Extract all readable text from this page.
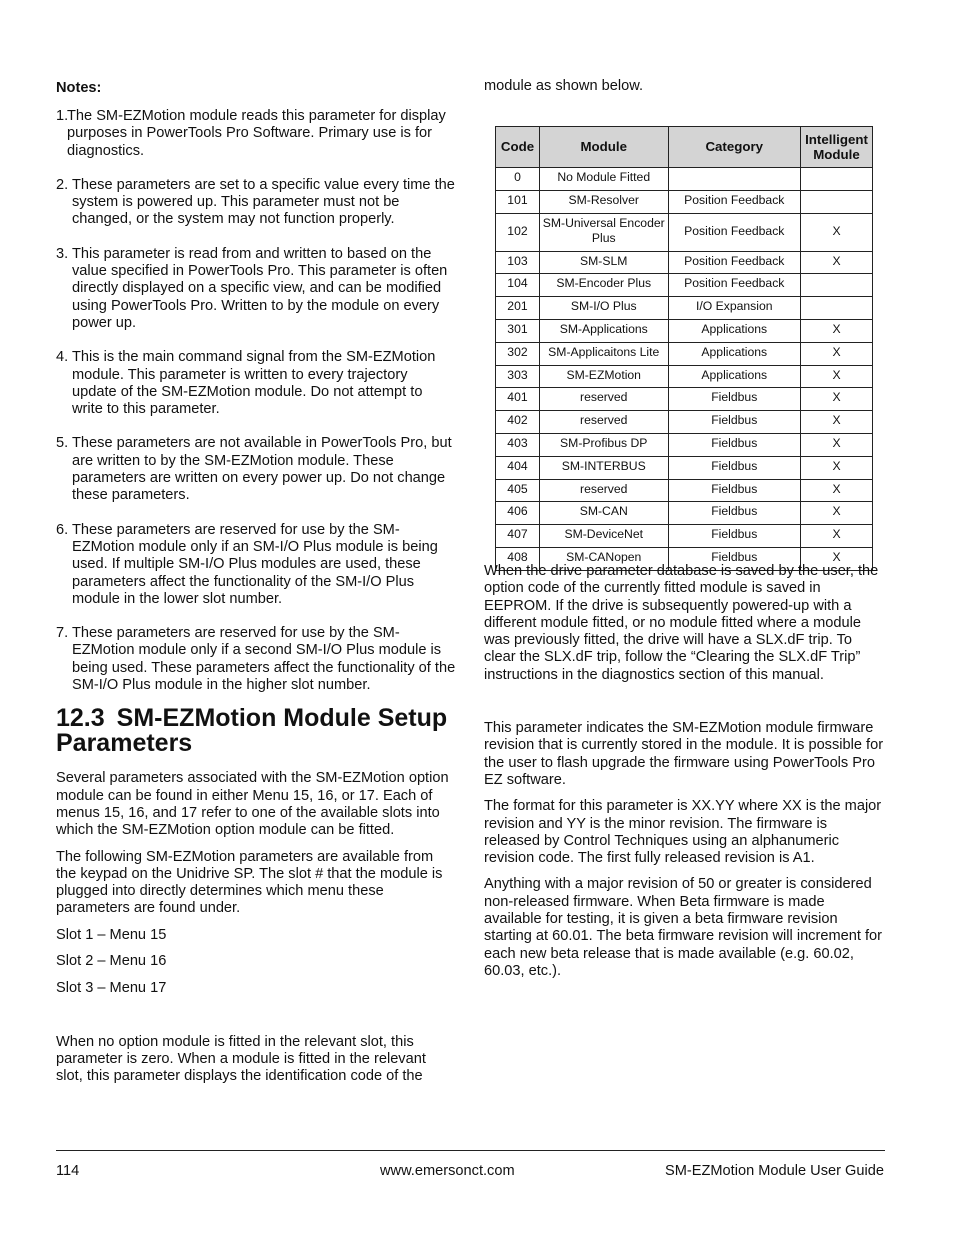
Notes:

1.
The SM-EZMotion module reads this parameter for display purposes in PowerTools Pro Software. Primary use is for diagnostics.
2. These parameters are set to a specific value every time the system is powered up. This parameter must not be changed, or the system may not function properly.
3. This parameter is read from and written to based on the value specified in PowerTools Pro. This parameter is often directly displayed on a specific view, and can be modified using PowerTools Pro. Written to by the module on every power up.
4. This is the main command signal from the SM-EZMotion module. This parameter is written to every trajectory update of the SM-EZMotion module. Do not attempt to write to this parameter.
5. These parameters are not available in PowerTools Pro, but are written to by the SM-EZMotion module. These parameters are written on every power up. Do not change these parameters.
6. These parameters are reserved for use by the SM-EZMotion module only if an SM-I/O Plus module is being used. If multiple SM-I/O Plus modules are used, these parameters affect the functionality of the SM-I/O Plus module in the lower slot number.
7. These parameters are reserved for use by the SM-EZMotion module only if a second SM-I/O Plus module is being used. These parameters affect the functionality of the SM-I/O Plus module in the higher slot number.
12.3 SM-EZMotion Module Setup Parameters

Several parameters associated with the SM-EZMotion option module can be found in either Menu 15, 16, or 17. Each of menus 15, 16, and 17 refer to one of the available slots into which the SM-EZMotion option module can be fitted.

The following SM-EZMotion parameters are available from the keypad on the Unidrive SP. The slot # that the module is plugged into directly determines which menu these parameters are found under.

Slot 1 – Menu 15

Slot 2 – Menu 16

Slot 3 – Menu 17

When no option module is fitted in the relevant slot, this parameter is zero. When a module is fitted in the relevant slot, this parameter displays the identification code of the

module as shown below.

Code	Module	Category	Intelligent Module
0	No Module Fitted		
101	SM-Resolver	Position Feedback	
102	SM-Universal Encoder Plus	Position Feedback	X
103	SM-SLM	Position Feedback	X
104	SM-Encoder Plus	Position Feedback	
201	SM-I/O Plus	I/O Expansion	
301	SM-Applications	Applications	X
302	SM-Applicaitons Lite	Applications	X
303	SM-EZMotion	Applications	X
401	reserved	Fieldbus	X
402	reserved	Fieldbus	X
403	SM-Profibus DP	Fieldbus	X
404	SM-INTERBUS	Fieldbus	X
405	reserved	Fieldbus	X
406	SM-CAN	Fieldbus	X
407	SM-DeviceNet	Fieldbus	X
408	SM-CANopen	Fieldbus	X

When the drive parameter database is saved by the user, the option code of the currently fitted module is saved in EEPROM. If the drive is subsequently powered-up with a different module fitted, or no module fitted where a module was previously fitted, the drive will have a SLX.dF trip. To clear the SLX.dF trip, follow the “Clearing the SLX.dF Trip” instructions in the diagnostics section of this manual.

This parameter indicates the SM-EZMotion module firmware revision that is currently stored in the module. It is possible for the user to flash upgrade the firmware using PowerTools Pro EZ software.

The format for this parameter is XX.YY where XX is the major revision and YY is the minor revision. The firmware is released by Control Techniques using an alphanumeric revision code. The first fully released revision is A1.

Anything with a major revision of 50 or greater is considered non-released firmware. When Beta firmware is made available for testing, it is given a beta firmware revision starting at 60.01. The beta firmware revision will increment for each new beta release that is made available (e.g. 60.02, 60.03, etc.).

114	www.emersonct.com	SM-EZMotion Module User Guide
